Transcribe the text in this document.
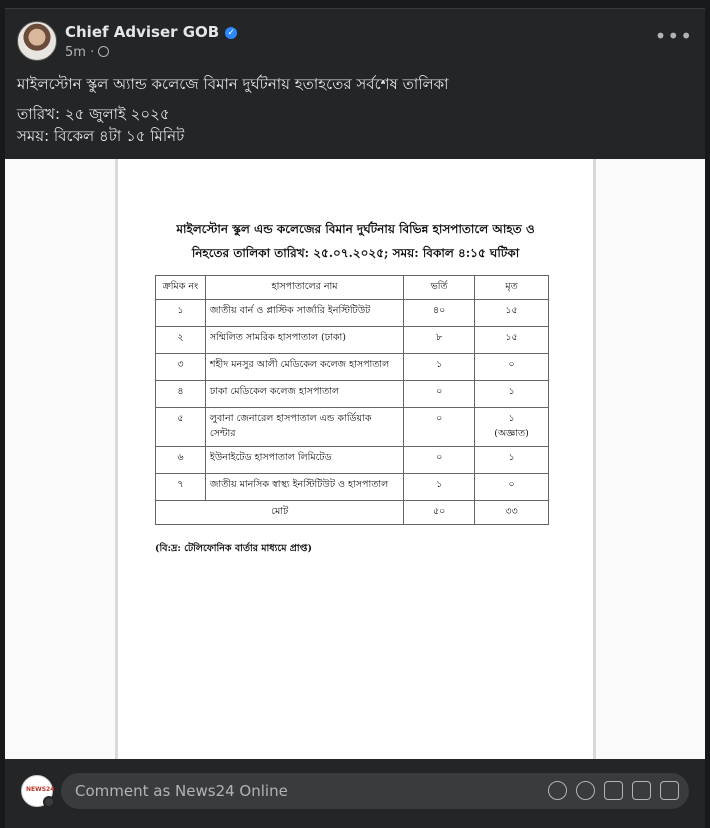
Chief Adviser GOB ✓
5m ·
•••

মাইলস্টোন স্কুল অ্যান্ড কলেজে বিমান দুর্ঘটনায় হতাহতের সর্বশেষ তালিকা

তারিখ: ২৫ জুলাই ২০২৫

সময়: বিকেল ৪টা ১৫ মিনিট

মাইলস্টোন স্কুল এন্ড কলেজের বিমান দুর্ঘটনায় বিভিন্ন হাসপাতালে আহত ও
নিহতের তালিকা তারিখ: ২৫.০৭.২০২৫; সময়: বিকাল ৪:১৫ ঘটিকা
ক্রমিক নং	হাসপাতালের নাম	ভর্তি	মৃত
১	জাতীয় বার্ন ও প্লাস্টিক সার্জারি ইনস্টিটিউট	৪০	১৫
২	সম্মিলিত সামরিক হাসপাতাল (ঢাকা)	৮	১৫
৩	শহীদ মনসুর আলী মেডিকেল কলেজ হাসপাতাল	১	০
৪	ঢাকা মেডিকেল কলেজ হাসপাতাল	০	১
৫	লুবানা জেনারেল হাসপাতাল এন্ড কার্ডিয়াক সেন্টার	০	১
(অজ্ঞাত)

৬	ইউনাইটেড হাসপাতাল লিমিটেড	০	১
৭	জাতীয় মানসিক স্বাস্থ্য ইনস্টিটিউট ও হাসপাতাল	১	০
মোট		৫০	৩৩
(বি:দ্র: টেলিফোনিক বার্তার মাধ্যমে প্রাপ্ত)
NEWS24 Comment as News24 Online
